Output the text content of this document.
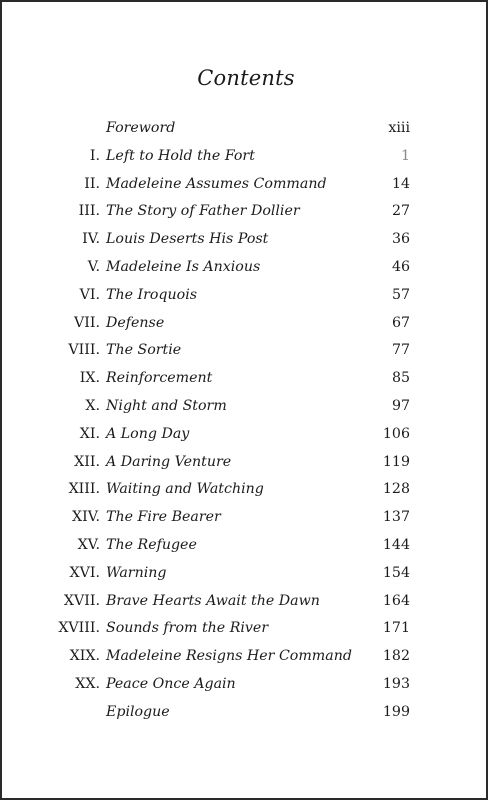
Contents
Foreword	xiii
I. Left to Hold the Fort	1
II. Madeleine Assumes Command	14
III. The Story of Father Dollier	27
IV. Louis Deserts His Post	36
V. Madeleine Is Anxious	46
VI. The Iroquois	57
VII. Defense	67
VIII. The Sortie	77
IX. Reinforcement	85
X. Night and Storm	97
XI. A Long Day	106
XII. A Daring Venture	119
XIII. Waiting and Watching	128
XIV. The Fire Bearer	137
XV. The Refugee	144
XVI. Warning	154
XVII. Brave Hearts Await the Dawn	164
XVIII. Sounds from the River	171
XIX. Madeleine Resigns Her Command 182
XX. Peace Once Again	193
Epilogue	199
